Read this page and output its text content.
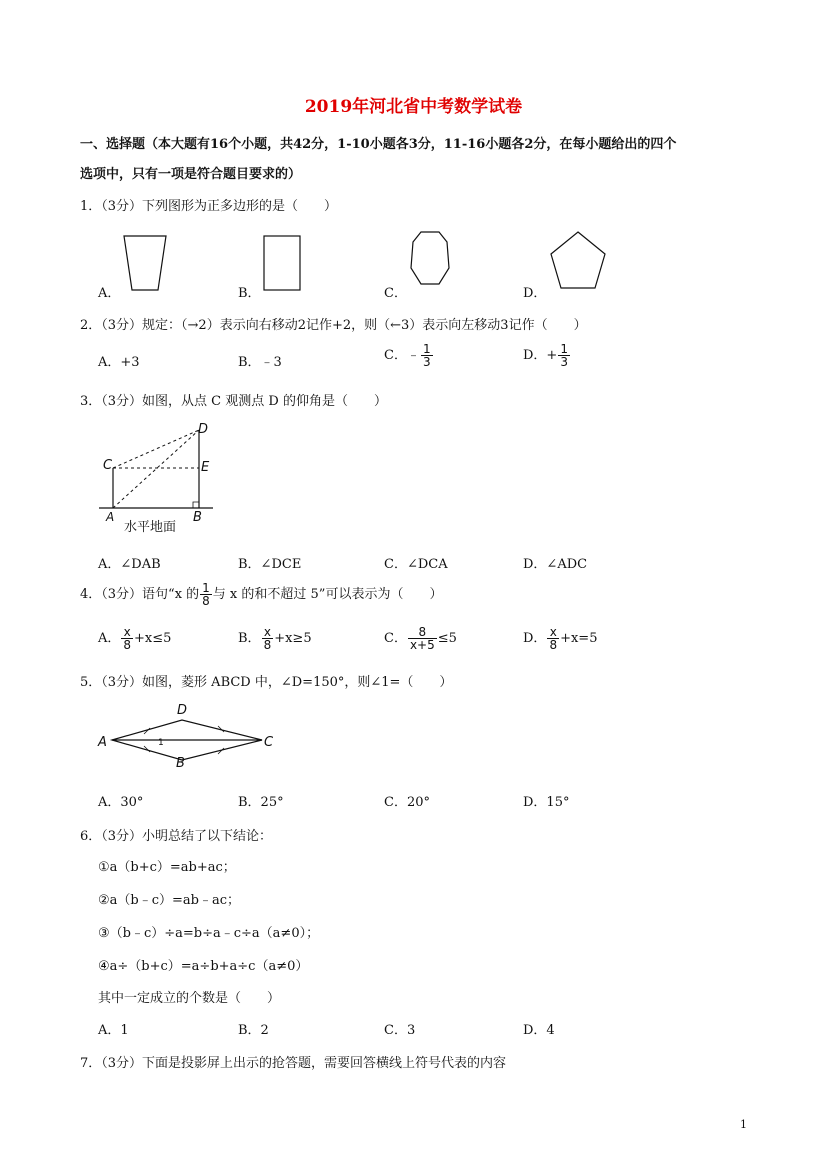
2019年河北省中考数学试卷
一、选择题（本大题有16个小题，共42分，1-10小题各3分，11-16小题各2分，在每小题给出的四个
选项中，只有一项是符合题目要求的）
1．（3分）下列图形为正多边形的是（　　）
A．	B．	C．	D．
2．（3分）规定：（→2）表示向右移动2记作+2，则（←3）表示向左移动3记作（　　）
A．+3	B．﹣3	C．﹣ $\frac{1}{3}$	D．+ $\frac{1}{3}$
3．（3分）如图，从点 C 观测点 D 的仰角是（　　）
D
C	E
A	B
水平地面
A．∠DAB	B．∠DCE	C．∠DCA	D．∠ADC
4．（3分）语句“x 的 $\frac{1}{8}$ 与 x 的和不超过 5”可以表示为（　　）
A． $\frac{x}{8} +x\le 5$	B． $\frac{x}{8} +x\ge 5$	C． $\frac{8}{x+5} \le 5$	D． $\frac{x}{8} +x=5$
5．（3分）如图，菱形 ABCD 中，∠D=150°，则∠1=（　　）
D
A	C
B
1
A．30°	B．25°	C．20°	D．15°
6．（3分）小明总结了以下结论：
①a（b+c）=ab+ac；
②a（b﹣c）=ab﹣ac；
③（b﹣c）÷a=b÷a﹣c÷a（a≠0）；
④a÷（b+c）=a÷b+a÷c（a≠0）
其中一定成立的个数是（　　）
A．1	B．2	C．3	D．4
7．（3分）下面是投影屏上出示的抢答题，需要回答横线上符号代表的内容
1
